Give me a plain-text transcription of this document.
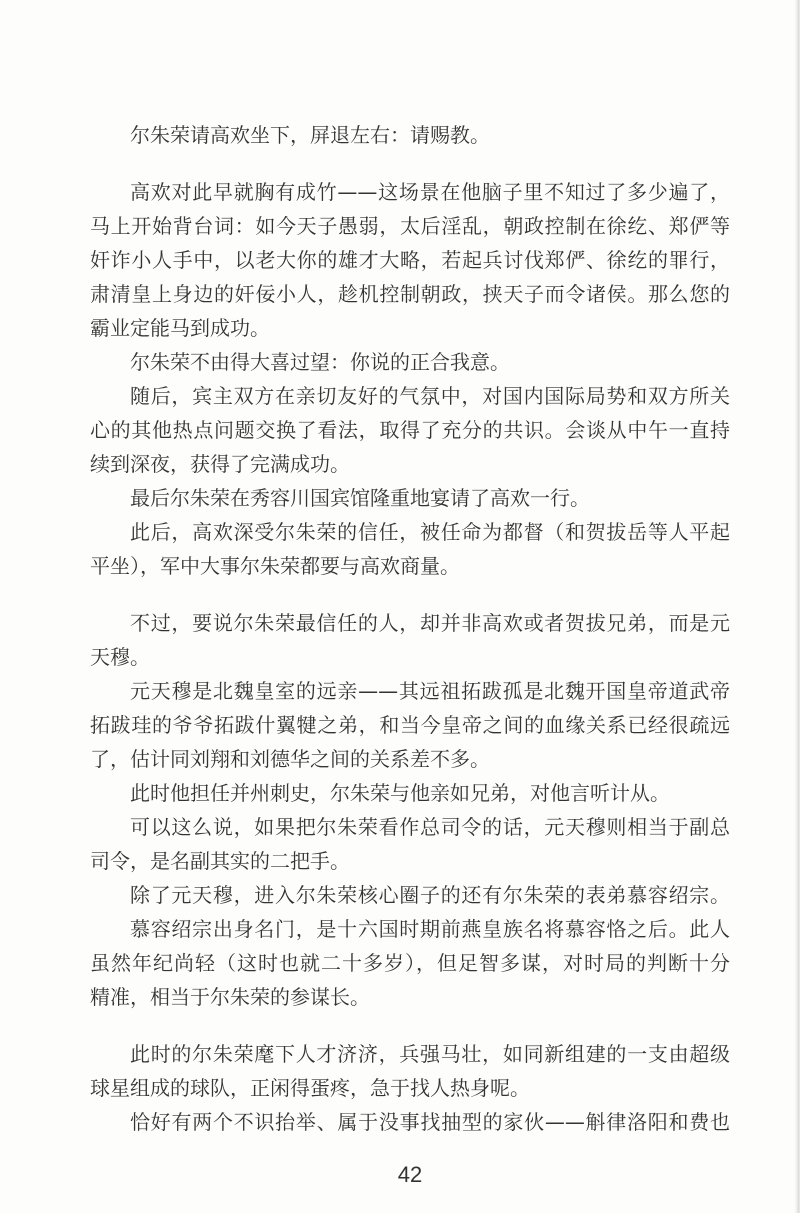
尔朱荣请高欢坐下，屏退左右：请赐教。
高欢对此早就胸有成竹——这场景在他脑子里不知过了多少遍了，
马上开始背台词：如今天子愚弱，太后淫乱，朝政控制在徐纥、郑俨等
奸诈小人手中，以老大你的雄才大略，若起兵讨伐郑俨、徐纥的罪行，
肃清皇上身边的奸佞小人，趁机控制朝政，挟天子而令诸侯。那么您的
霸业定能马到成功。
尔朱荣不由得大喜过望：你说的正合我意。
随后，宾主双方在亲切友好的气氛中，对国内国际局势和双方所关
心的其他热点问题交换了看法，取得了充分的共识。会谈从中午一直持
续到深夜，获得了完满成功。
最后尔朱荣在秀容川国宾馆隆重地宴请了高欢一行。
此后，高欢深受尔朱荣的信任，被任命为都督（和贺拔岳等人平起
平坐），军中大事尔朱荣都要与高欢商量。
不过，要说尔朱荣最信任的人，却并非高欢或者贺拔兄弟，而是元
天穆。
元天穆是北魏皇室的远亲——其远祖拓跋孤是北魏开国皇帝道武帝
拓跋珪的爷爷拓跋什翼犍之弟，和当今皇帝之间的血缘关系已经很疏远
了，估计同刘翔和刘德华之间的关系差不多。
此时他担任并州刺史，尔朱荣与他亲如兄弟，对他言听计从。
可以这么说，如果把尔朱荣看作总司令的话，元天穆则相当于副总
司令，是名副其实的二把手。
除了元天穆，进入尔朱荣核心圈子的还有尔朱荣的表弟慕容绍宗。
慕容绍宗出身名门，是十六国时期前燕皇族名将慕容恪之后。此人
虽然年纪尚轻（这时也就二十多岁），但足智多谋，对时局的判断十分
精准，相当于尔朱荣的参谋长。
此时的尔朱荣麾下人才济济，兵强马壮，如同新组建的一支由超级
球星组成的球队，正闲得蛋疼，急于找人热身呢。
恰好有两个不识抬举、属于没事找抽型的家伙——斛律洛阳和费也
42
